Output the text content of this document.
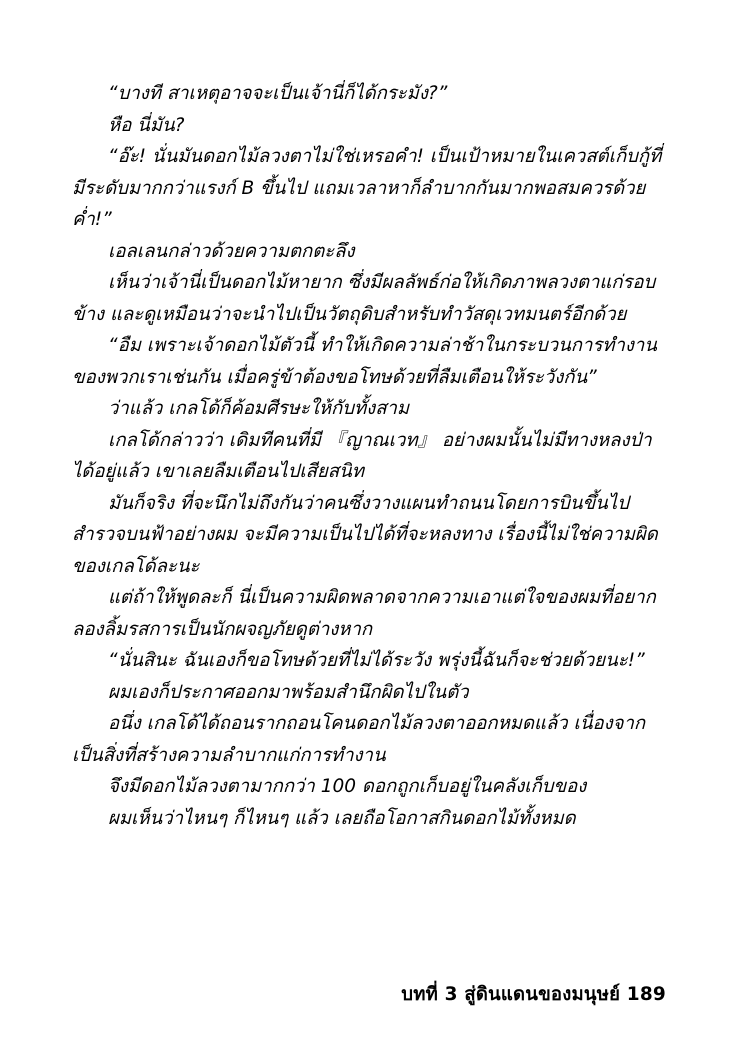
“บางที สาเหตุอาจจะเป็นเจ้านี่ก็ได้กระมัง?”

หือ นี่มัน?

“อ๊ะ! นั่นมันดอกไม้ลวงตาไม่ใช่เหรอคํา! เป็นเป้าหมายในเควสต์เก็บกู้ที่มีระดับมากกว่าแรงก์ B ขึ้นไป แถมเวลาหาก็ลำบากกันมากพอสมควรด้วยค่ำ!”

เอลเลนกล่าวด้วยความตกตะลึง

เห็นว่าเจ้านี่เป็นดอกไม้หายาก ซึ่งมีผลลัพธ์ก่อให้เกิดภาพลวงตาแก่รอบข้าง และดูเหมือนว่าจะนำไปเป็นวัตถุดิบสำหรับทำวัสดุเวทมนตร์อีกด้วย

“อืม เพราะเจ้าดอกไม้ตัวนี้ ทำให้เกิดความล่าช้าในกระบวนการทำงานของพวกเราเช่นกัน เมื่อครู่ข้าต้องขอโทษด้วยที่ลืมเตือนให้ระวังกัน”

ว่าแล้ว เกลโด้ก็ค้อมศีรษะให้กับทั้งสาม

เกลโด้กล่าวว่า เดิมทีคนที่มี 『ญาณเวท』 อย่างผมนั้นไม่มีทางหลงป่าได้อยู่แล้ว เขาเลยลืมเตือนไปเสียสนิท

มันก็จริง ที่จะนึกไม่ถึงกันว่าคนซึ่งวางแผนทำถนนโดยการบินขึ้นไปสำรวจบนฟ้าอย่างผม จะมีความเป็นไปได้ที่จะหลงทาง เรื่องนี้ไม่ใช่ความผิดของเกลโด้ละนะ

แต่ถ้าให้พูดละก็ นี่เป็นความผิดพลาดจากความเอาแต่ใจของผมที่อยากลองลิ้มรสการเป็นนักผจญภัยดูต่างหาก

“นั่นสินะ ฉันเองก็ขอโทษด้วยที่ไม่ได้ระวัง พรุ่งนี้ฉันก็จะช่วยด้วยนะ!”

ผมเองก็ประกาศออกมาพร้อมสำนึกผิดไปในตัว

อนึ่ง เกลโด้ได้ถอนรากถอนโคนดอกไม้ลวงตาออกหมดแล้ว เนื่องจากเป็นสิ่งที่สร้างความลำบากแก่การทำงาน

จึงมีดอกไม้ลวงตามากกว่า 100 ดอกถูกเก็บอยู่ในคลังเก็บของ

ผมเห็นว่าไหนๆ ก็ไหนๆ แล้ว เลยถือโอกาสกินดอกไม้ทั้งหมด

บทที่ 3 สู่ดินแดนของมนุษย์ 189
